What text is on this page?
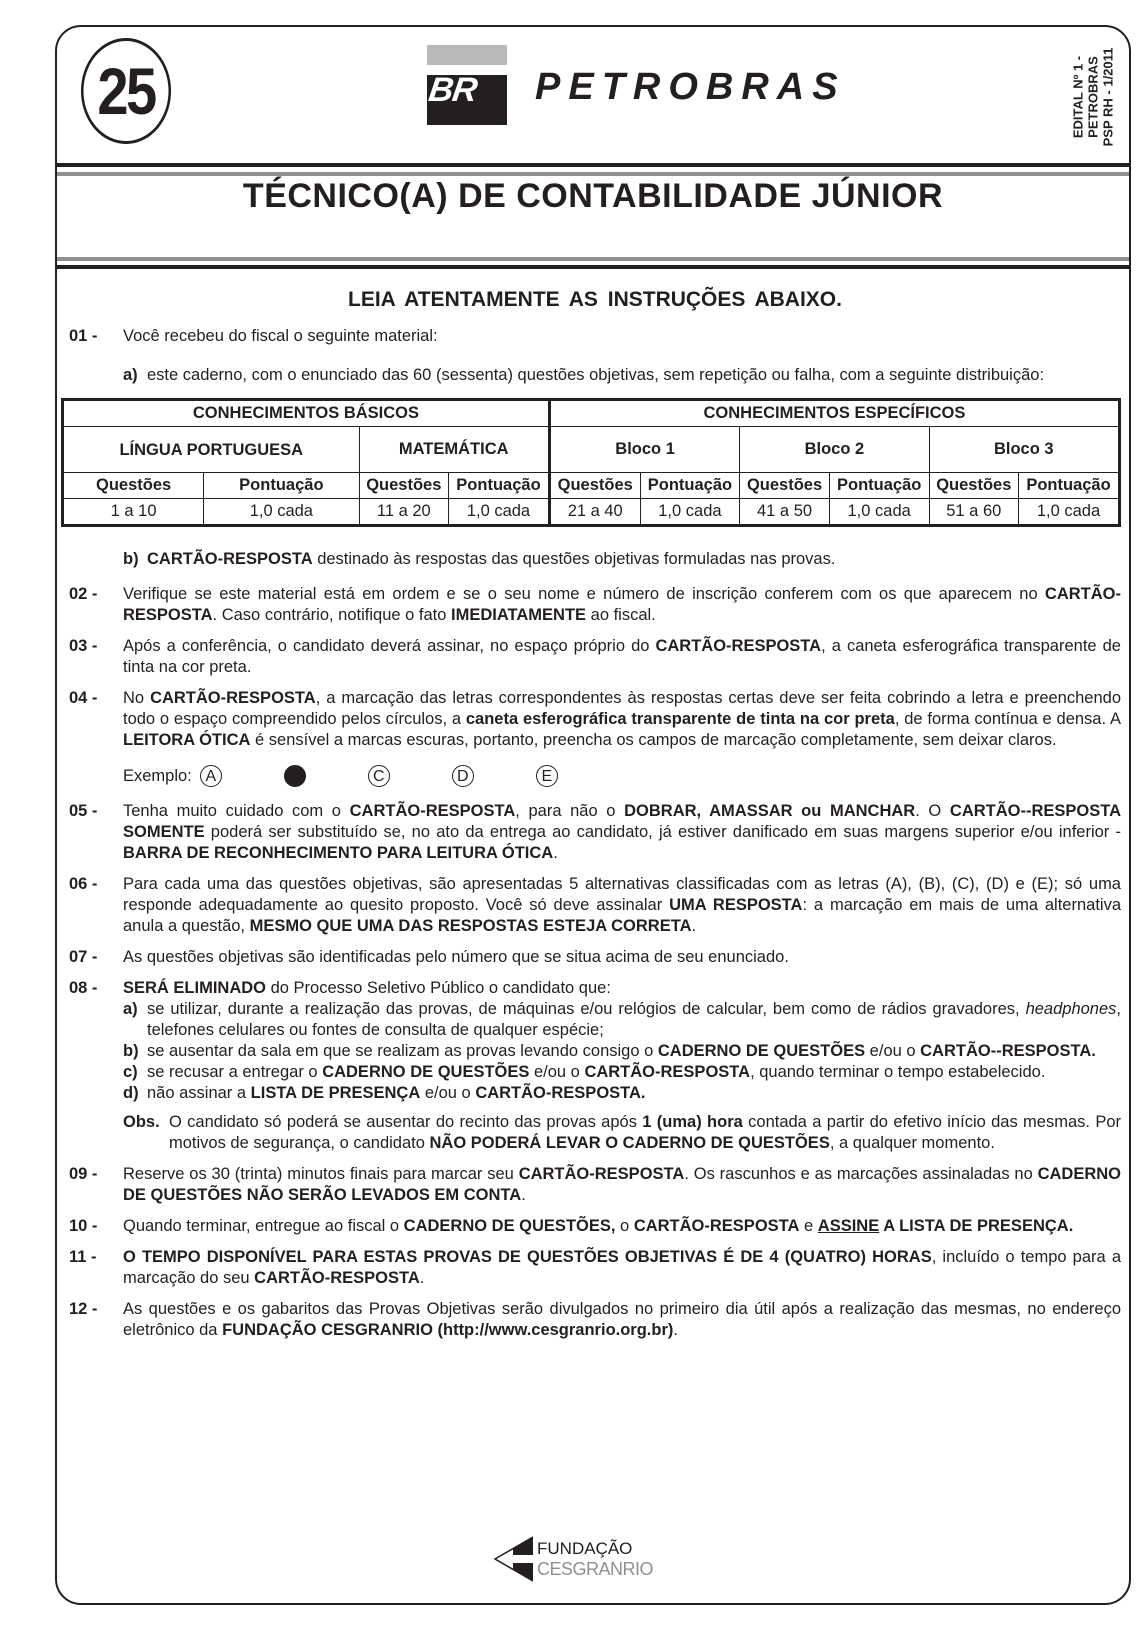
25	BR PETROBRAS	EDITAL Nº 1 - PETROBRAS PSP RH - 1/2011
TÉCNICO(A) DE CONTABILIDADE JÚNIOR
LEIA ATENTAMENTE AS INSTRUÇÕES ABAIXO.
01 -	Você recebeu do fiscal o seguinte material:
a) este caderno, com o enunciado das 60 (sessenta) questões objetivas, sem repetição ou falha, com a seguinte distribuição:
CONHECIMENTOS BÁSICOS				CONHECIMENTOS ESPECÍFICOS					
LÍNGUA PORTUGUESA		MATEMÁTICA		Bloco 1		Bloco 2		Bloco 3	
Questões	Pontuação	Questões	Pontuação	Questões	Pontuação	Questões	Pontuação	Questões	Pontuação
1 a 10	1,0 cada	11 a 20	1,0 cada	21 a 40	1,0 cada	41 a 50	1,0 cada	51 a 60	1,0 cada
b) CARTÃO-RESPOSTA destinado às respostas das questões objetivas formuladas nas provas.
02 -	Verifique se este material está em ordem e se o seu nome e número de inscrição conferem com os que aparecem no CARTÃO-RESPOSTA. Caso contrário, notifique o fato IMEDIATAMENTE ao fiscal.
03 -	Após a conferência, o candidato deverá assinar, no espaço próprio do CARTÃO-RESPOSTA, a caneta esferográfica transparente de tinta na cor preta.
04 -	No CARTÃO-RESPOSTA, a marcação das letras correspondentes às respostas certas deve ser feita cobrindo a letra e preenchendo todo o espaço compreendido pelos círculos, a caneta esferográfica transparente de tinta na cor preta, de forma contínua e densa. A LEITORA ÓTICA é sensível a marcas escuras, portanto, preencha os campos de marcação completamente, sem deixar claros.
Exemplo: A	C	D	E
05 -	Tenha muito cuidado com o CARTÃO-RESPOSTA, para não o DOBRAR, AMASSAR ou MANCHAR. O CARTÃO--RESPOSTA SOMENTE poderá ser substituído se, no ato da entrega ao candidato, já estiver danificado em suas margens superior e/ou inferior - BARRA DE RECONHECIMENTO PARA LEITURA ÓTICA.
06 -	Para cada uma das questões objetivas, são apresentadas 5 alternativas classificadas com as letras (A), (B), (C), (D) e (E); só uma responde adequadamente ao quesito proposto. Você só deve assinalar UMA RESPOSTA: a marcação em mais de uma alternativa anula a questão, MESMO QUE UMA DAS RESPOSTAS ESTEJA CORRETA.
07 -	As questões objetivas são identificadas pelo número que se situa acima de seu enunciado.
08 -	SERÁ ELIMINADO do Processo Seletivo Público o candidato que:
a) se utilizar, durante a realização das provas, de máquinas e/ou relógios de calcular, bem como de rádios gravadores, headphones, telefones celulares ou fontes de consulta de qualquer espécie;
b) se ausentar da sala em que se realizam as provas levando consigo o CADERNO DE QUESTÕES e/ou o CARTÃO--RESPOSTA.
c) se recusar a entregar o CADERNO DE QUESTÕES e/ou o CARTÃO-RESPOSTA, quando terminar o tempo estabelecido.
d) não assinar a LISTA DE PRESENÇA e/ou o CARTÃO-RESPOSTA.
Obs. O candidato só poderá se ausentar do recinto das provas após 1 (uma) hora contada a partir do efetivo início das mesmas. Por motivos de segurança, o candidato NÃO PODERÁ LEVAR O CADERNO DE QUESTÕES, a qualquer momento.
09 -	Reserve os 30 (trinta) minutos finais para marcar seu CARTÃO-RESPOSTA. Os rascunhos e as marcações assinaladas no CADERNO DE QUESTÕES NÃO SERÃO LEVADOS EM CONTA.
10 -	Quando terminar, entregue ao fiscal o CADERNO DE QUESTÕES, o CARTÃO-RESPOSTA e ASSINE A LISTA DE PRESENÇA.
11 -	O TEMPO DISPONÍVEL PARA ESTAS PROVAS DE QUESTÕES OBJETIVAS É DE 4 (QUATRO) HORAS, incluído o tempo para a marcação do seu CARTÃO-RESPOSTA.
12 -	As questões e os gabaritos das Provas Objetivas serão divulgados no primeiro dia útil após a realização das mesmas, no endereço eletrônico da FUNDAÇÃO CESGRANRIO (http://www.cesgranrio.org.br).
FUNDAÇÃO
CESGRANRIO
